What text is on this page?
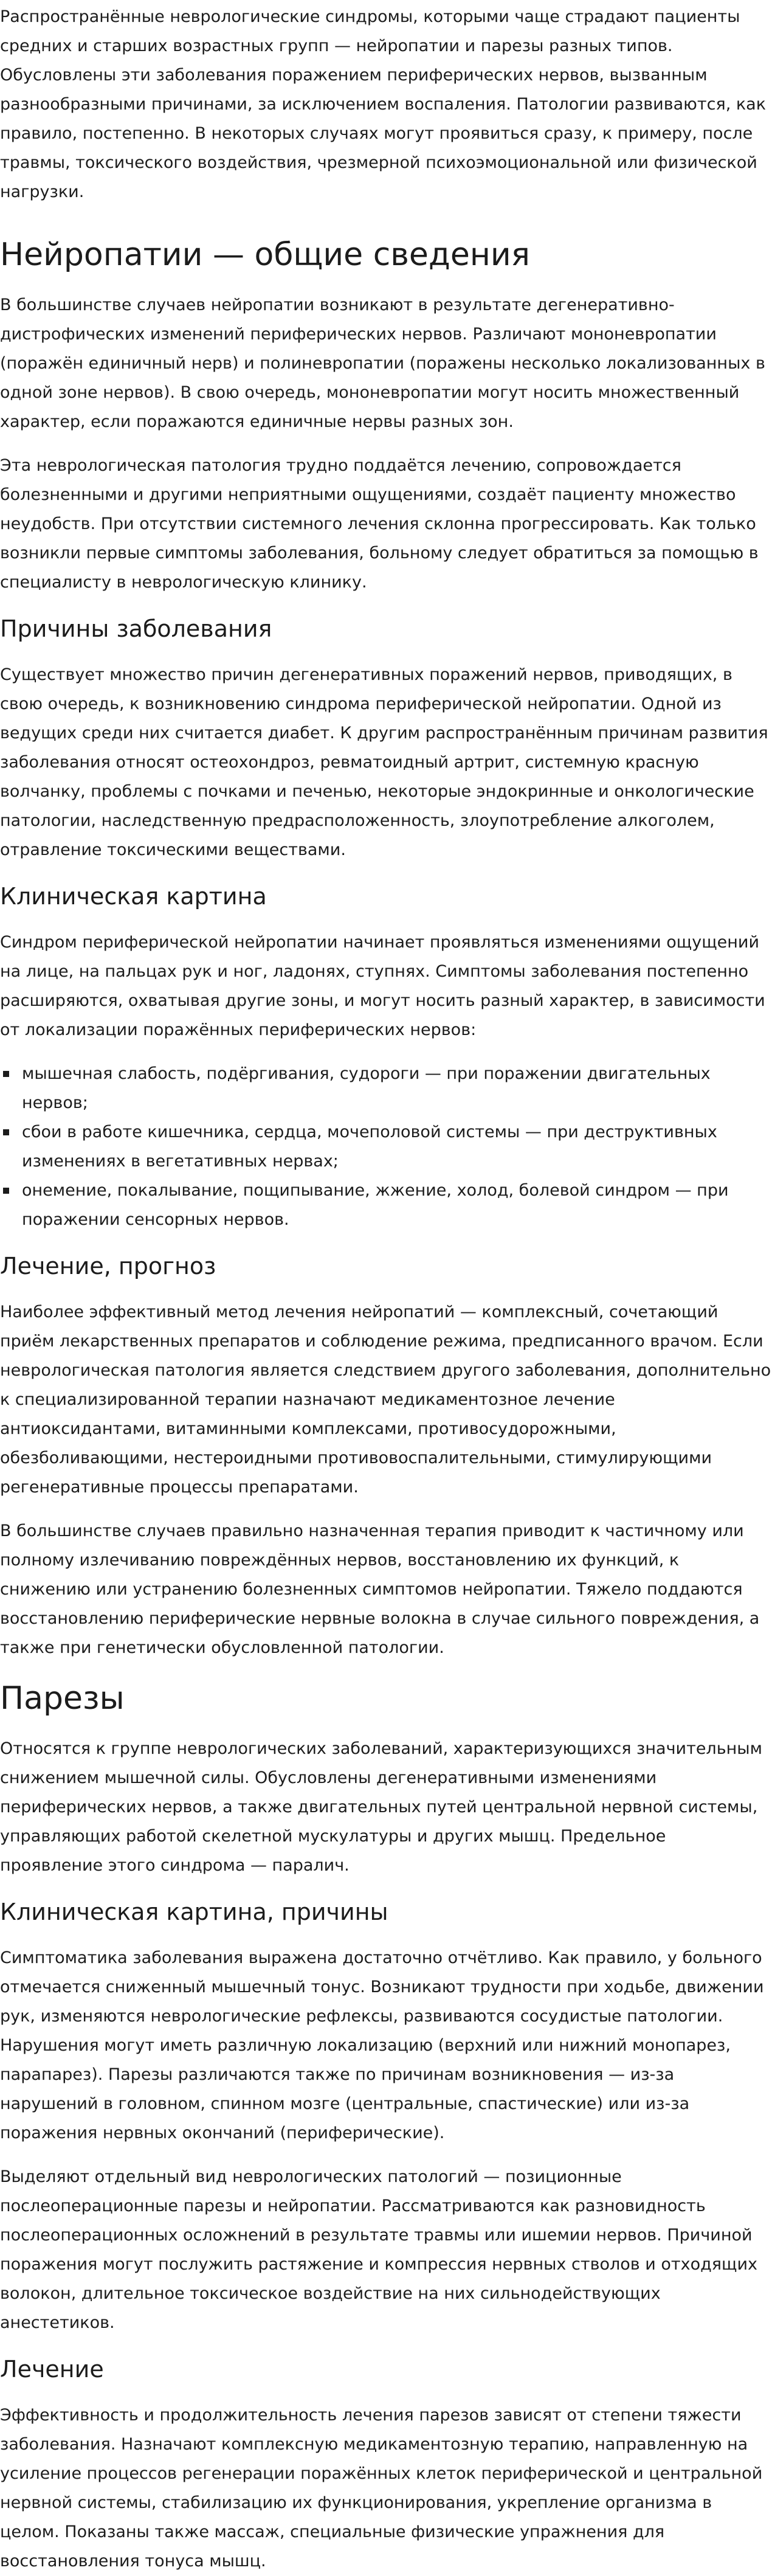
Распространённые неврологические синдромы, которыми чаще страдают пациенты средних и старших возрастных групп — нейропатии и парезы разных типов. Обусловлены эти заболевания поражением периферических нервов, вызванным разнообразными причинами, за исключением воспаления. Патологии развиваются, как правило, постепенно. В некоторых случаях могут проявиться сразу, к примеру, после травмы, токсического воздействия, чрезмерной психоэмоциональной или физической нагрузки.

Нейропатии — общие сведения

В большинстве случаев нейропатии возникают в результате дегенеративно-дистрофических изменений периферических нервов. Различают мононевропатии (поражён единичный нерв) и полиневропатии (поражены несколько локализованных в одной зоне нервов). В свою очередь, мононевропатии могут носить множественный характер, если поражаются единичные нервы разных зон.

Эта неврологическая патология трудно поддаётся лечению, сопровождается болезненными и другими неприятными ощущениями, создаёт пациенту множество неудобств. При отсутствии системного лечения склонна прогрессировать. Как только возникли первые симптомы заболевания, больному следует обратиться за помощью в специалисту в неврологическую клинику.

Причины заболевания

Существует множество причин дегенеративных поражений нервов, приводящих, в свою очередь, к возникновению синдрома периферической нейропатии. Одной из ведущих среди них считается диабет. К другим распространённым причинам развития заболевания относят остеохондроз, ревматоидный артрит, системную красную волчанку, проблемы с почками и печенью, некоторые эндокринные и онкологические патологии, наследственную предрасположенность, злоупотребление алкоголем, отравление токсическими веществами.

Клиническая картина

Синдром периферической нейропатии начинает проявляться изменениями ощущений на лице, на пальцах рук и ног, ладонях, ступнях. Симптомы заболевания постепенно расширяются, охватывая другие зоны, и могут носить разный характер, в зависимости от локализации поражённых периферических нервов:

мышечная слабость, подёргивания, судороги — при поражении двигательных нервов;
сбои в работе кишечника, сердца, мочеполовой системы — при деструктивных изменениях в вегетативных нервах;
онемение, покалывание, пощипывание, жжение, холод, болевой синдром — при поражении сенсорных нервов.
Лечение, прогноз

Наиболее эффективный метод лечения нейропатий — комплексный, сочетающий приём лекарственных препаратов и соблюдение режима, предписанного врачом. Если неврологическая патология является следствием другого заболевания, дополнительно к специализированной терапии назначают медикаментозное лечение антиоксидантами, витаминными комплексами, противосудорожными, обезболивающими, нестероидными противовоспалительными, стимулирующими регенеративные процессы препаратами.

В большинстве случаев правильно назначенная терапия приводит к частичному или полному излечиванию повреждённых нервов, восстановлению их функций, к снижению или устранению болезненных симптомов нейропатии. Тяжело поддаются восстановлению периферические нервные волокна в случае сильного повреждения, а также при генетически обусловленной патологии.

Парезы

Относятся к группе неврологических заболеваний, характеризующихся значительным снижением мышечной силы. Обусловлены дегенеративными изменениями периферических нервов, а также двигательных путей центральной нервной системы, управляющих работой скелетной мускулатуры и других мышц. Предельное проявление этого синдрома — паралич.

Клиническая картина, причины

Симптоматика заболевания выражена достаточно отчётливо. Как правило, у больного отмечается сниженный мышечный тонус. Возникают трудности при ходьбе, движении рук, изменяются неврологические рефлексы, развиваются сосудистые патологии. Нарушения могут иметь различную локализацию (верхний или нижний монопарез, парапарез). Парезы различаются также по причинам возникновения — из-за нарушений в головном, спинном мозге (центральные, спастические) или из-за поражения нервных окончаний (периферические).

Выделяют отдельный вид неврологических патологий — позиционные послеоперационные парезы и нейропатии. Рассматриваются как разновидность послеоперационных осложнений в результате травмы или ишемии нервов. Причиной поражения могут послужить растяжение и компрессия нервных стволов и отходящих волокон, длительное токсическое воздействие на них сильнодействующих анестетиков.

Лечение

Эффективность и продолжительность лечения парезов зависят от степени тяжести заболевания. Назначают комплексную медикаментозную терапию, направленную на усиление процессов регенерации поражённых клеток периферической и центральной нервной системы, стабилизацию их функционирования, укрепление организма в целом. Показаны также массаж, специальные физические упражнения для восстановления тонуса мышц.
